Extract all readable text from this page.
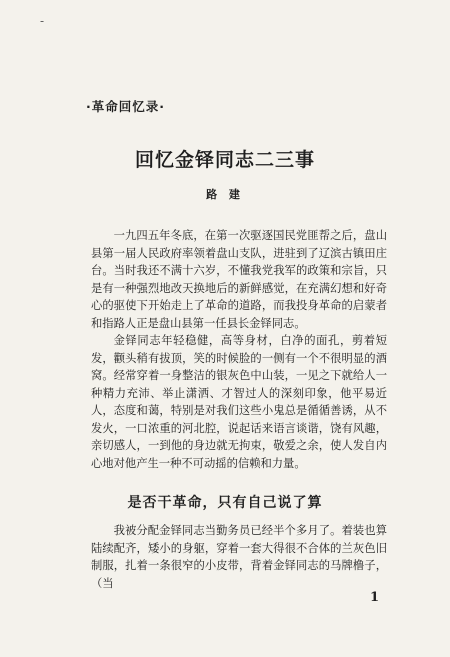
-
·革命回忆录·
回忆金铎同志二三事
路 建

一九四五年冬底，在第一次驱逐国民党匪帮之后，盘山县第一届人民政府率领着盘山支队，进驻到了辽滨古镇田庄台。当时我还不满十六岁，不懂我党我军的政策和宗旨，只是有一种强烈地改天换地后的新鲜感觉，在充满幻想和好奇心的驱使下开始走上了革命的道路，而我投身革命的启蒙者和指路人正是盘山县第一任县长金铎同志。

金铎同志年轻稳健，高等身材，白净的面孔，剪着短发，颧头稍有拔顶，笑的时候脸的一侧有一个不很明显的酒窝。经常穿着一身整洁的银灰色中山装，一见之下就给人一种精力充沛、举止潇洒、才智过人的深刻印象，他平易近人，态度和蔼，特别是对我们这些小鬼总是循循善诱，从不发火，一口浓重的河北腔，说起话来语言谈谐，饶有风趣，亲切感人，一到他的身边就无拘束，敬爱之余，使人发自内心地对他产生一种不可动摇的信赖和力量。

是否干革命，只有自己说了算

我被分配金铎同志当勤务员已经半个多月了。着装也算陆续配齐，矮小的身躯，穿着一套大得很不合体的兰灰色旧制服，扎着一条很窄的小皮带，背着金铎同志的马牌橹子，（当

1
